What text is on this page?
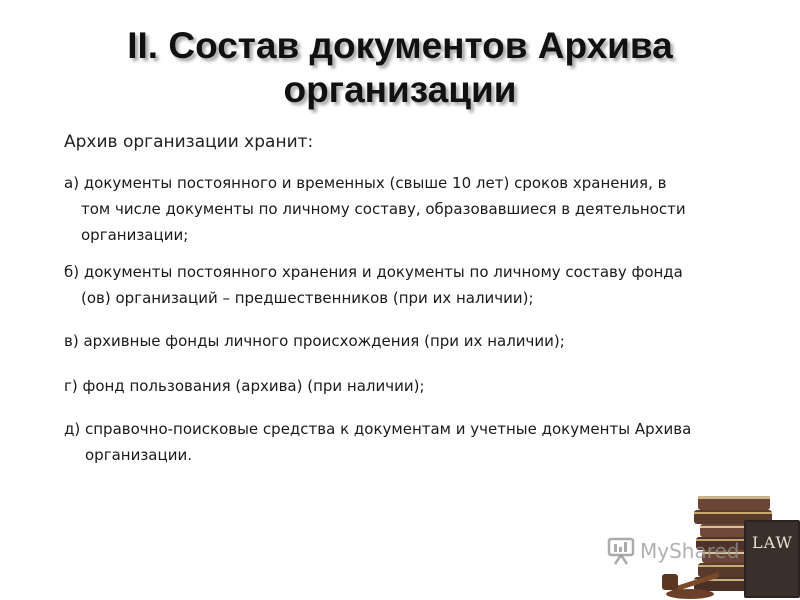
II. Состав документов Архива
организации
Архив организации хранит:
а) документы постоянного и временных (свыше 10 лет) сроков хранения, в
том числе документы по личному составу, образовавшиеся в деятельности
организации;
б) документы постоянного хранения и документы по личному составу фонда
(ов) организаций – предшественников (при их наличии);
в) архивные фонды личного происхождения (при их наличии);
г) фонд пользования (архива) (при наличии);
д) справочно-поисковые средства к документам и учетные документы Архива
организации.
LAW
MyShared
